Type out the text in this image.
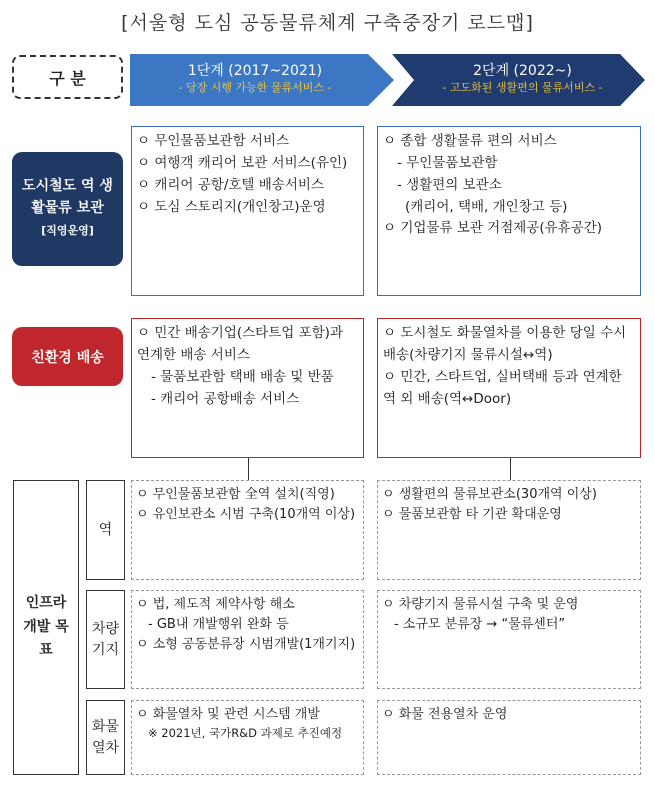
[서울형 도심 공동물류체계 구축중장기 로드맵]
구 분	1단계 (2017~2021)
- 당장 시행 가능한 물류서비스 -
2단계 (2022~)
- 고도화된 생활편의 물류서비스 -
도시철도 역 생
활물류 보관
[직영운영]
ㅇ 무인물품보관함 서비스
ㅇ 여행객 캐리어 보관 서비스(유인)
ㅇ 캐리어 공항/호텔 배송서비스
ㅇ 도심 스토리지(개인창고)운영
ㅇ 종합 생활물류 편의 서비스
- 무인물품보관함
- 생활편의 보관소
(캐리어, 택배, 개인창고 등)
ㅇ 기업물류 보관 거점제공(유휴공간)
친환경 배송
ㅇ 민간 배송기업(스타트업 포함)과 연계한 배송 서비스
- 물품보관함 택배 배송 및 반품
- 캐리어 공항배송 서비스
ㅇ 도시철도 화물열차를 이용한 당일 수시배송(차량기지 물류시설↔역)
ㅇ 민간, 스타트업, 실버택배 등과 연계한 역 외 배송(역↔Door)
인프라
개발 목
표
역
ㅇ 무인물품보관함 全역 설치(직영)
ㅇ 유인보관소 시범 구축(10개역 이상)
ㅇ 생활편의 물류보관소(30개역 이상)
ㅇ 물품보관함 타 기관 확대운영
차량
기지
ㅇ 법, 제도적 제약사항 해소
- GB내 개발행위 완화 등
ㅇ 소형 공동분류장 시범개발(1개기지)
ㅇ 차량기지 물류시설 구축 및 운영
- 소규모 분류장 → “물류센터”
화물
열차
ㅇ 화물열차 및 관련 시스템 개발
※ 2021년, 국가R&D 과제로 추진예정
ㅇ 화물 전용열차 운영
